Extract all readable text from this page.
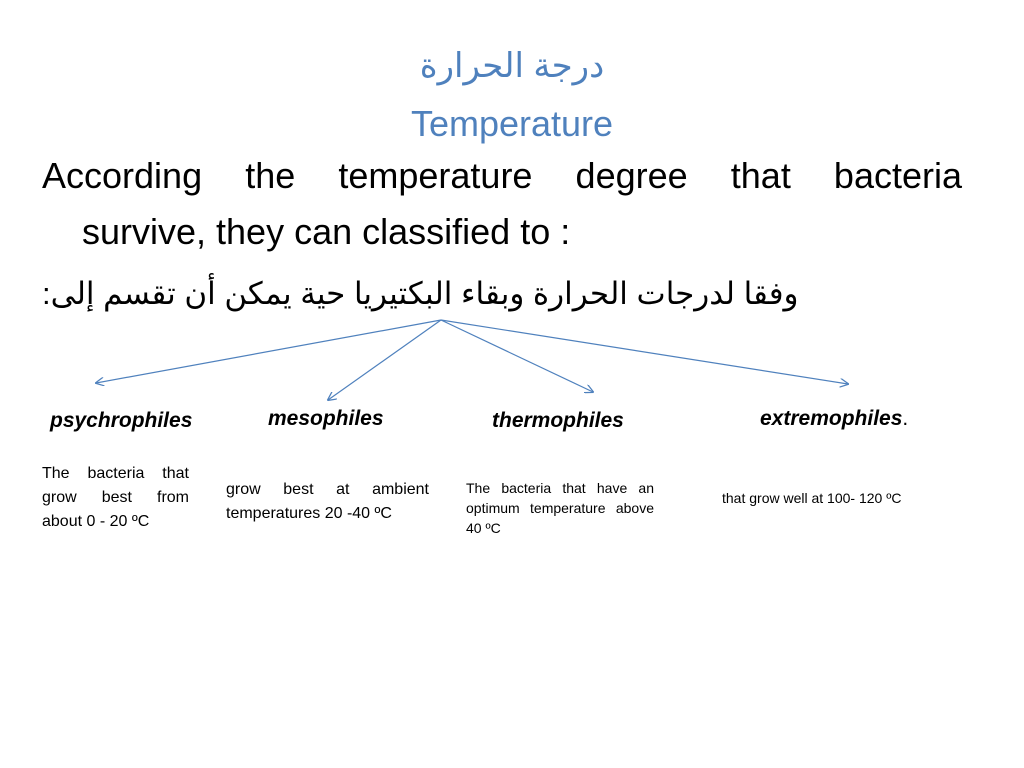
درجة الحرارة
Temperature
According the temperature degree that bacteria
survive, they can classified to :
وفقا لدرجات الحرارة وبقاء البكتيريا حية يمكن أن تقسم إلى:
psychrophiles	mesophiles	thermophiles	extremophiles.
The bacteria that grow best from about 0 - 20 ºC
grow best at ambient temperatures 20 -40 ºC
The bacteria that have an optimum temperature above 40 ºC
that grow well at 100- 120 ºC
